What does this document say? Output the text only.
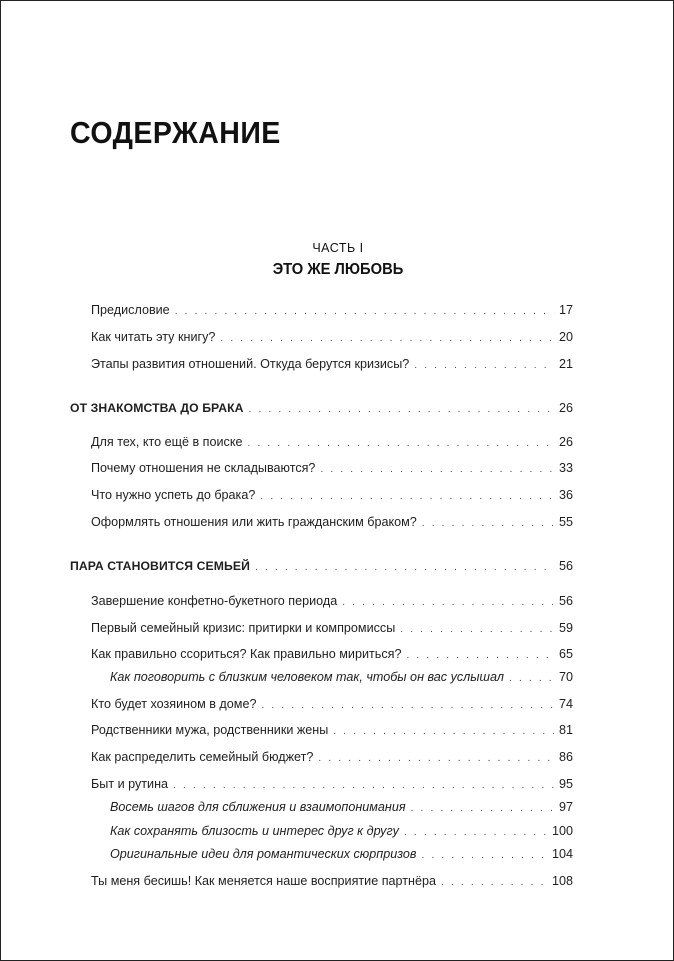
СОДЕРЖАНИЕ
ЧАСТЬ I
ЭТО ЖЕ ЛЮБОВЬ
Предисловие . . .	17
Как читать эту книгу? . . .	20
Этапы развития отношений. Откуда берутся кризисы? . . .	21
ОТ ЗНАКОМСТВА ДО БРАКА . . .	26
Для тех, кто ещё в поиске . . .	26
Почему отношения не складываются? . . .	33
Что нужно успеть до брака? . . .	36
Оформлять отношения или жить гражданским браком? . . .	55
ПАРА СТАНОВИТСЯ СЕМЬЕЙ . . .	56
Завершение конфетно-букетного периода . . .	56
Первый семейный кризис: притирки и компромиссы . . .	59
Как правильно ссориться? Как правильно мириться? . . .	65
Как поговорить с близким человеком так, чтобы он вас услышал . . .	70
Кто будет хозяином в доме? . . .	74
Родственники мужа, родственники жены . . .	81
Как распределить семейный бюджет? . . .	86
Быт и рутина . . .	95
Восемь шагов для сближения и взаимопонимания . . .	97
Как сохранять близость и интерес друг к другу . . .	100
Оригинальные идеи для романтических сюрпризов . . .	104
Ты меня бесишь! Как меняется наше восприятие партнёра . . .	108
